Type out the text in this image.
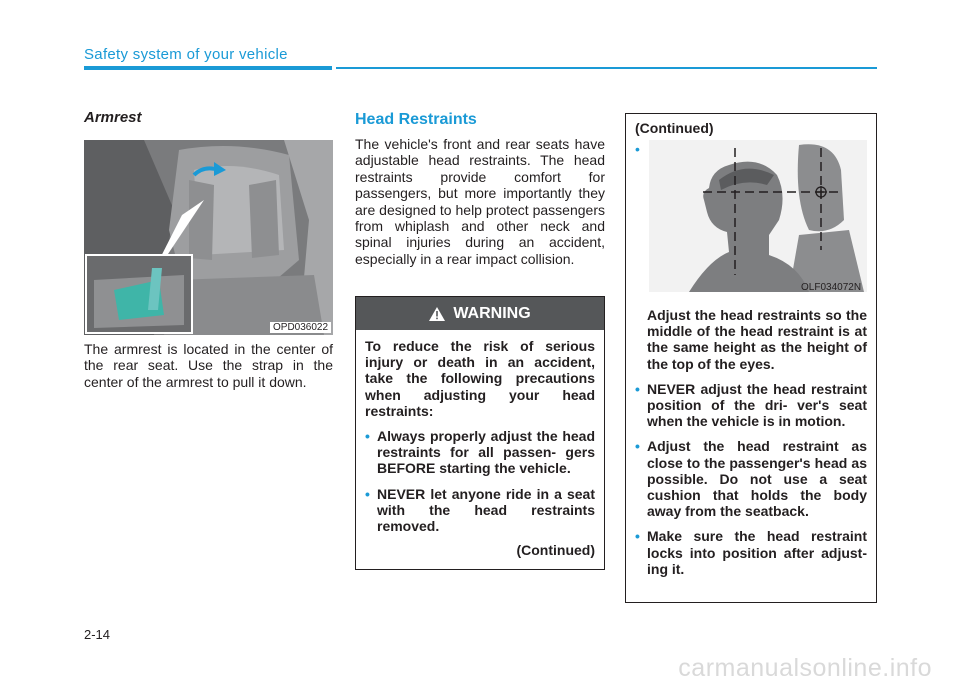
Safety system of your vehicle
Armrest
OPD036022
The armrest is located in the center of the rear seat. Use the strap in the center of the armrest to pull it down.
Head Restraints
The vehicle's front and rear seats have adjustable head restraints. The head restraints provide comfort for passengers, but more importantly they are designed to help protect passengers from whiplash and other neck and spinal injuries during an accident, especially in a rear impact collision.
WARNING

To reduce the risk of serious injury or death in an accident, take the following precautions when adjusting your head restraints:

• Always properly adjust the head restraints for all passen- gers BEFORE starting the vehicle.

• NEVER let anyone ride in a seat with the head restraints removed.

(Continued)

(Continued)
•
OLF034072N

Adjust the head restraints so the middle of the head restraint is at the same height as the height of the top of the eyes.

• NEVER adjust the head restraint position of the dri- ver's seat when the vehicle is in motion.

• Adjust the head restraint as close to the passenger's head as possible. Do not use a seat cushion that holds the body away from the seatback.

• Make sure the head restraint locks into position after adjust- ing it.

2-14
carmanualsonline.info
